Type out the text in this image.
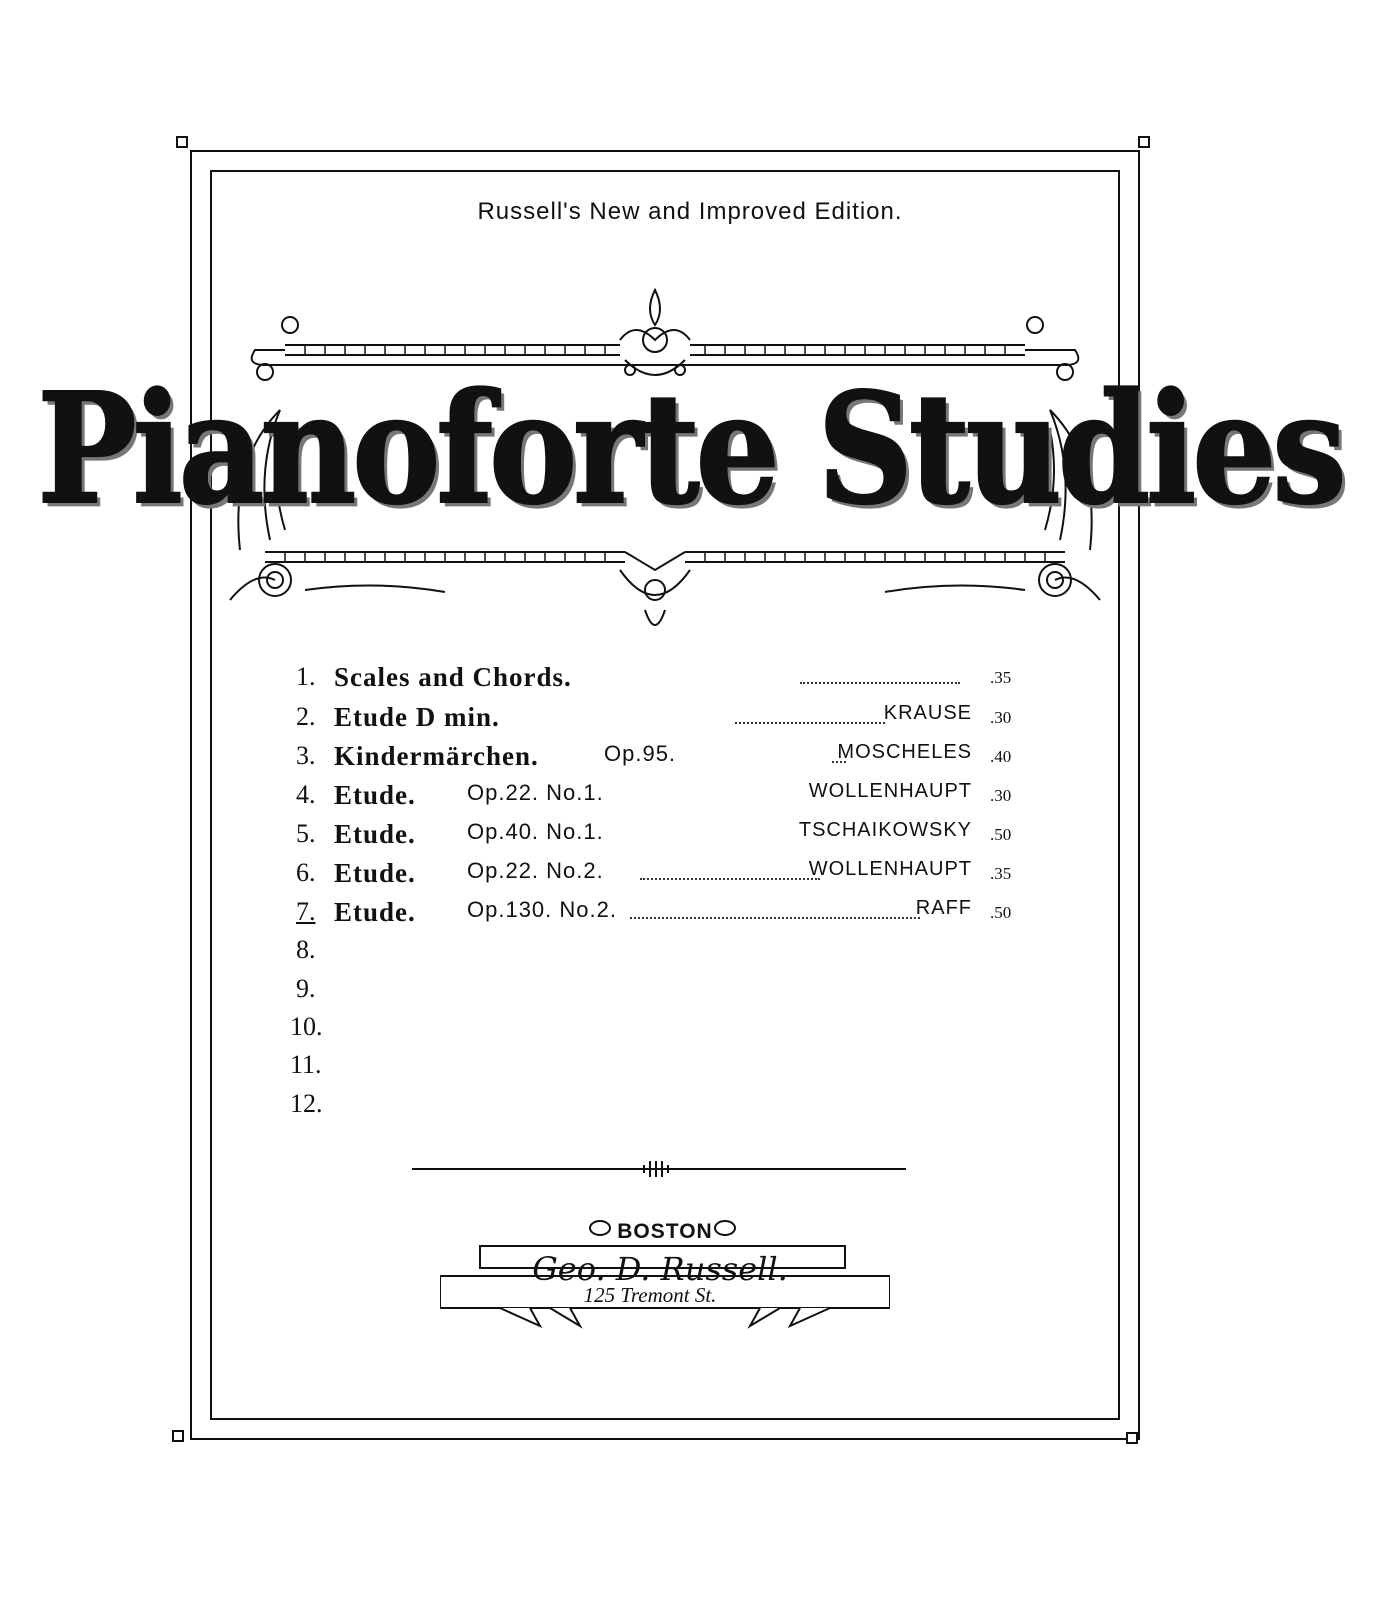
Russell's New and Improved Edition.
Pianoforte Studies
1. Scales and Chords.	.35
2. Etude D min.	KRAUSE .30
3. Kindermärchen.	Op.95.	MOSCHELES .40
4. Etude. Op.22. No.1.	WOLLENHAUPT .30
5. Etude. Op.40. No.1.	TSCHAIKOWSKY .50
6. Etude. Op.22. No.2.	WOLLENHAUPT .35
7. Etude. Op.130. No.2.	RAFF .50
8.
9.
10.
11.
12.
BOSTON
Geo. D. Russell.
125 Tremont St.
